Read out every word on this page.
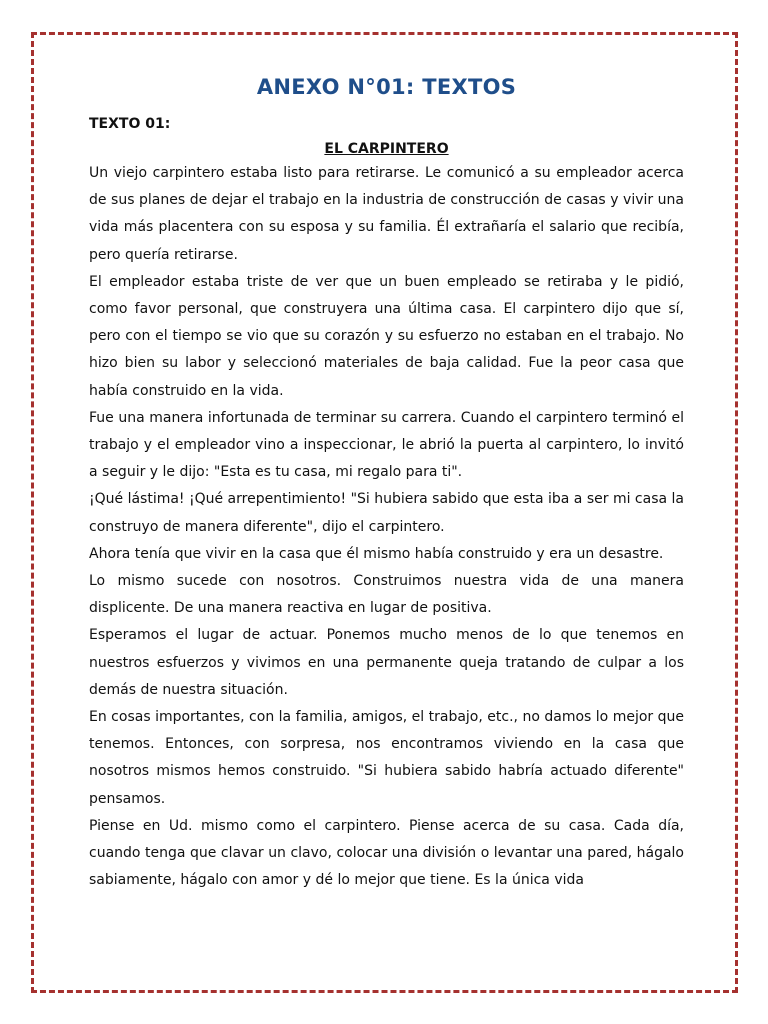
ANEXO N°01: TEXTOS
TEXTO 01:
EL CARPINTERO

Un viejo carpintero estaba listo para retirarse. Le comunicó a su empleador acerca de sus planes de dejar el trabajo en la industria de construcción de casas y vivir una vida más placentera con su esposa y su familia. Él extrañaría el salario que recibía, pero quería retirarse.

El empleador estaba triste de ver que un buen empleado se retiraba y le pidió, como favor personal, que construyera una última casa. El carpintero dijo que sí, pero con el tiempo se vio que su corazón y su esfuerzo no estaban en el trabajo. No hizo bien su labor y seleccionó materiales de baja calidad. Fue la peor casa que había construido en la vida.

Fue una manera infortunada de terminar su carrera. Cuando el carpintero terminó el trabajo y el empleador vino a inspeccionar, le abrió la puerta al carpintero, lo invitó a seguir y le dijo: "Esta es tu casa, mi regalo para ti".

¡Qué lástima! ¡Qué arrepentimiento! "Si hubiera sabido que esta iba a ser mi casa la construyo de manera diferente", dijo el carpintero.

Ahora tenía que vivir en la casa que él mismo había construido y era un desastre.

Lo mismo sucede con nosotros. Construimos nuestra vida de una manera displicente. De una manera reactiva en lugar de positiva.

Esperamos el lugar de actuar. Ponemos mucho menos de lo que tenemos en nuestros esfuerzos y vivimos en una permanente queja tratando de culpar a los demás de nuestra situación.

En cosas importantes, con la familia, amigos, el trabajo, etc., no damos lo mejor que tenemos. Entonces, con sorpresa, nos encontramos viviendo en la casa que nosotros mismos hemos construido. "Si hubiera sabido habría actuado diferente" pensamos.

Piense en Ud. mismo como el carpintero. Piense acerca de su casa. Cada día, cuando tenga que clavar un clavo, colocar una división o levantar una pared, hágalo sabiamente, hágalo con amor y dé lo mejor que tiene. Es la única vida
